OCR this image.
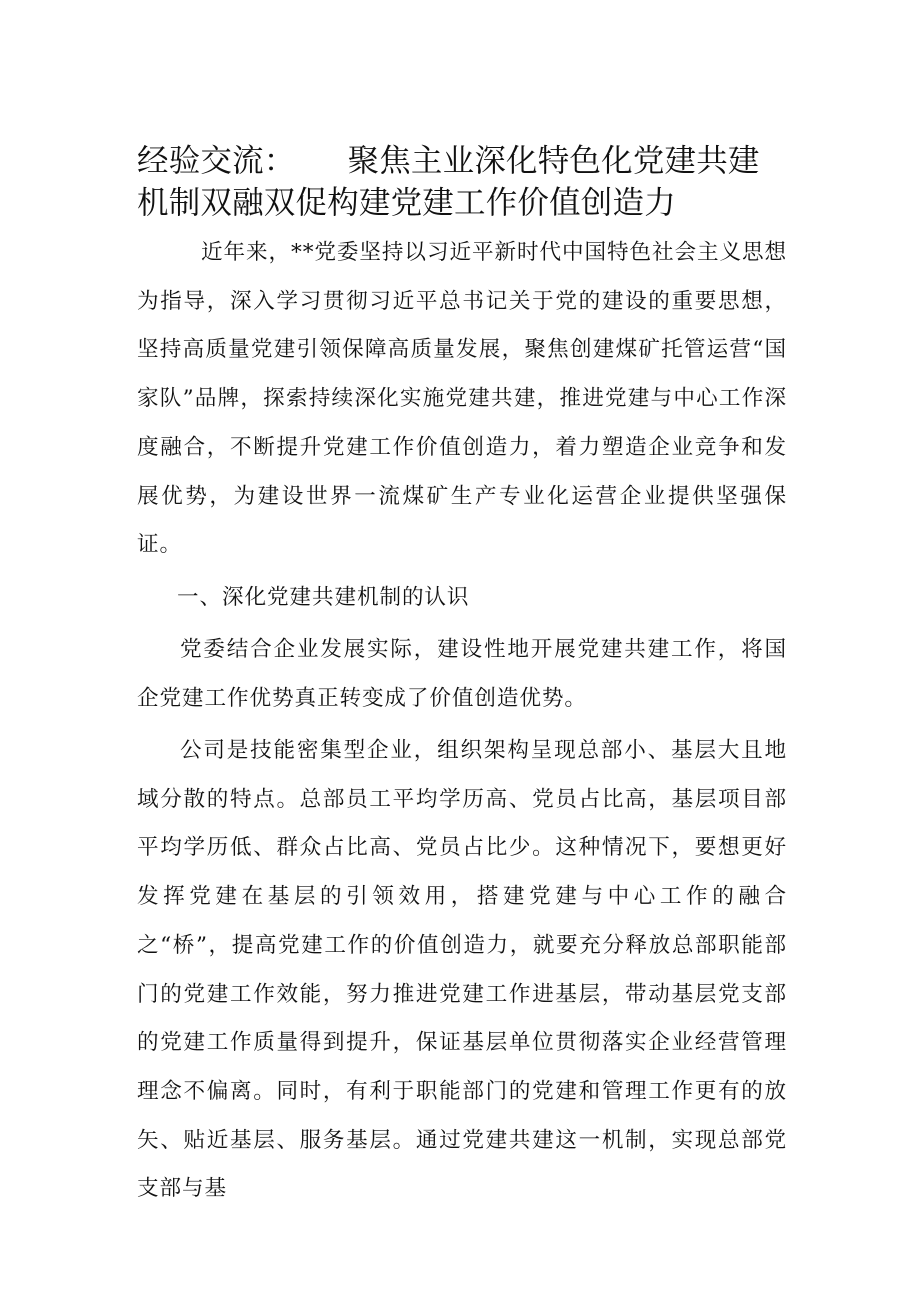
经验交流： 聚焦主业深化特色化党建共建
机制双融双促构建党建工作价值创造力

近年来，**党委坚持以习近平新时代中国特色社会主义思想为指导，深入学习贯彻习近平总书记关于党的建设的重要思想，坚持高质量党建引领保障高质量发展，聚焦创建煤矿托管运营“国家队”品牌，探索持续深化实施党建共建，推进党建与中心工作深度融合，不断提升党建工作价值创造力，着力塑造企业竞争和发展优势，为建设世界一流煤矿生产专业化运营企业提供坚强保证。

一、深化党建共建机制的认识

党委结合企业发展实际，建设性地开展党建共建工作，将国企党建工作优势真正转变成了价值创造优势。

公司是技能密集型企业，组织架构呈现总部小、基层大且地域分散的特点。总部员工平均学历高、党员占比高，基层项目部平均学历低、群众占比高、党员占比少。这种情况下，要想更好发挥党建在基层的引领效用，搭建党建与中心工作的融合之“桥”，提高党建工作的价值创造力，就要充分释放总部职能部门的党建工作效能，努力推进党建工作进基层，带动基层党支部的党建工作质量得到提升，保证基层单位贯彻落实企业经营管理理念不偏离。同时，有利于职能部门的党建和管理工作更有的放矢、贴近基层、服务基层。通过党建共建这一机制，实现总部党支部与基
